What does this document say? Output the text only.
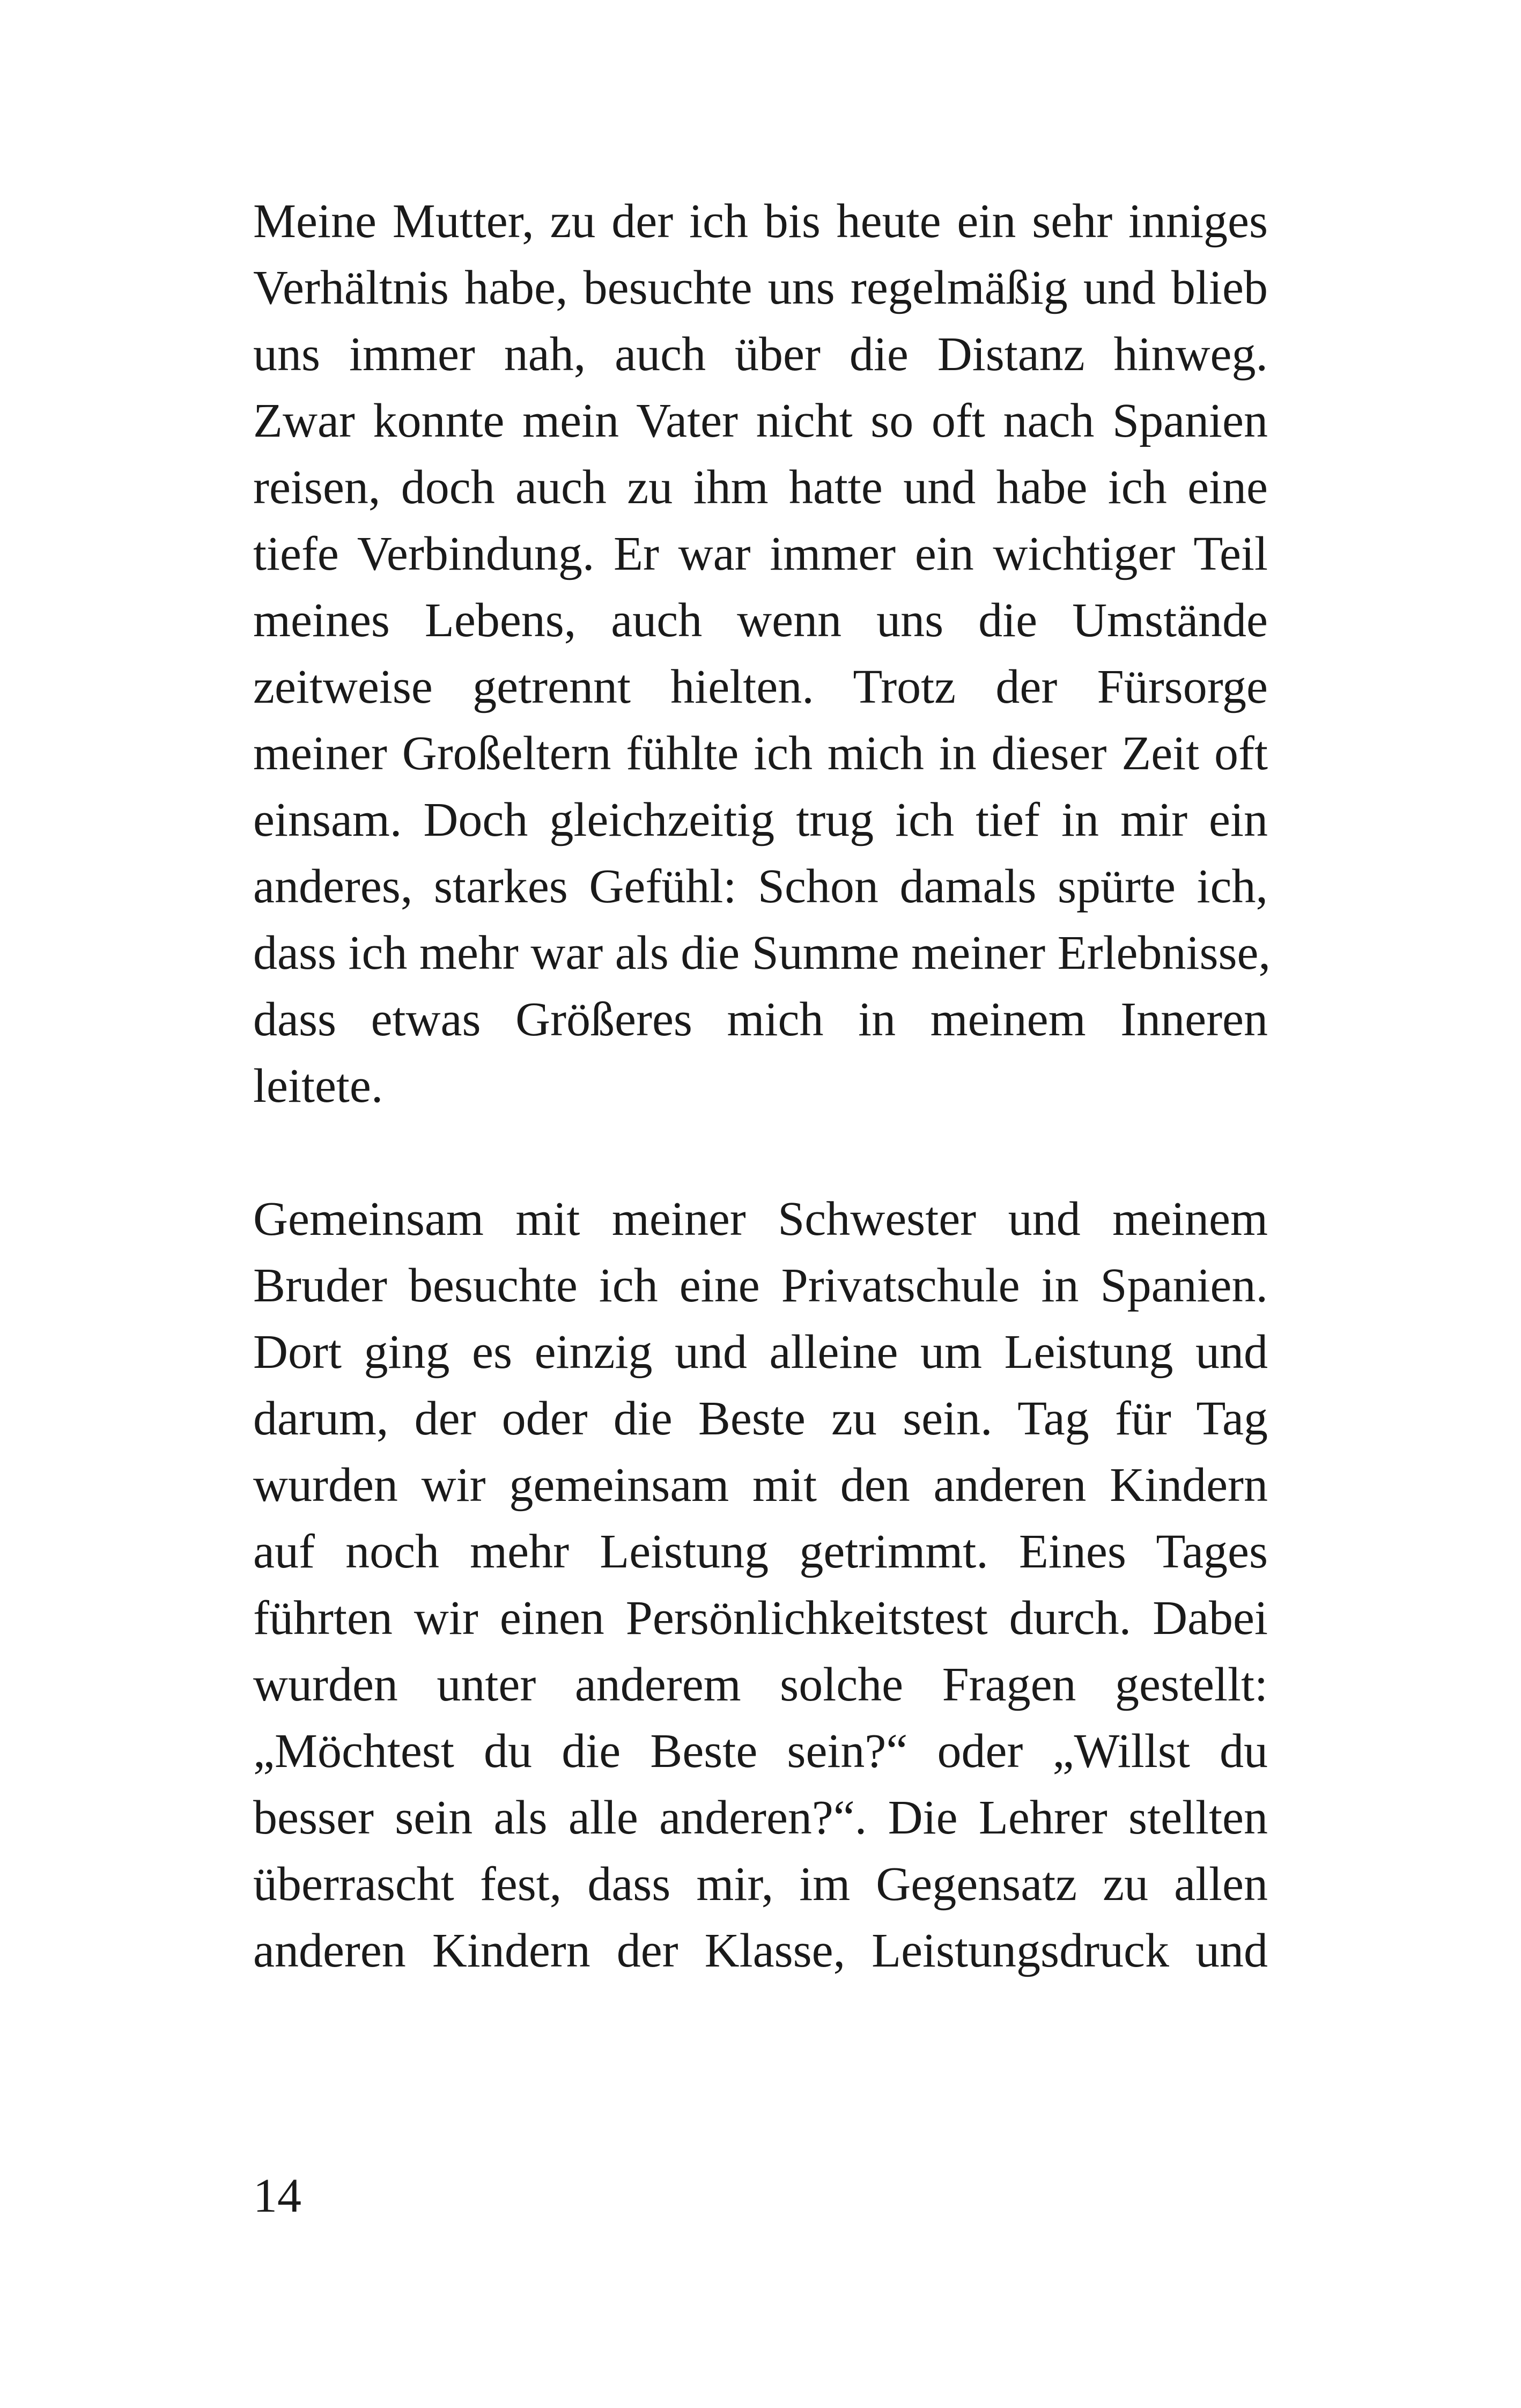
Meine Mutter, zu der ich bis heute ein sehr inniges
Verhältnis habe, besuchte uns regelmäßig und blieb
uns immer nah, auch über die Distanz hinweg.
Zwar konnte mein Vater nicht so oft nach Spanien
reisen, doch auch zu ihm hatte und habe ich eine
tiefe Verbindung. Er war immer ein wichtiger Teil
meines Lebens, auch wenn uns die Umstände
zeitweise getrennt hielten. Trotz der Fürsorge
meiner Großeltern fühlte ich mich in dieser Zeit oft
einsam. Doch gleichzeitig trug ich tief in mir ein
anderes, starkes Gefühl: Schon damals spürte ich,
dass ich mehr war als die Summe meiner Erlebnisse,
dass etwas Größeres mich in meinem Inneren
leitete.
Gemeinsam mit meiner Schwester und meinem
Bruder besuchte ich eine Privatschule in Spanien.
Dort ging es einzig und alleine um Leistung und
darum, der oder die Beste zu sein. Tag für Tag
wurden wir gemeinsam mit den anderen Kindern
auf noch mehr Leistung getrimmt. Eines Tages
führten wir einen Persönlichkeitstest durch. Dabei
wurden unter anderem solche Fragen gestellt:
„Möchtest du die Beste sein?“ oder „Willst du
besser sein als alle anderen?“. Die Lehrer stellten
überrascht fest, dass mir, im Gegensatz zu allen
anderen Kindern der Klasse, Leistungsdruck und
14
